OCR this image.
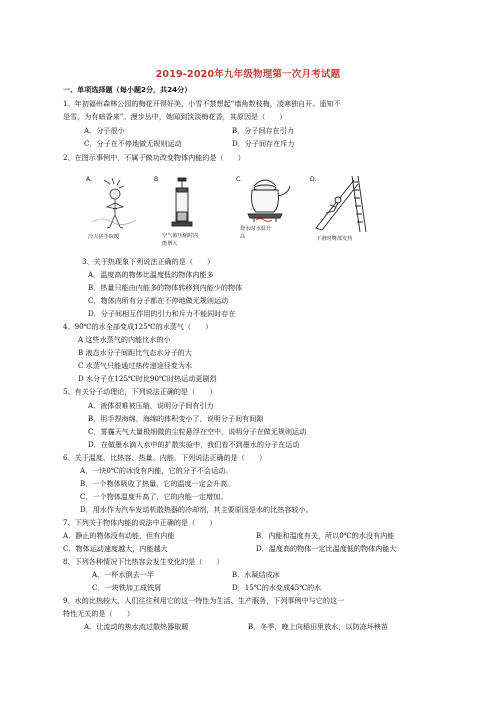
2019-2020年九年级物理第一次月考试题
一、单项选择题（每小题2分，共24分）
1、年初福州森林公园的梅花开得好美，小雪不禁想起“墙角数枝梅，凌寒独自开。遥知不
是雪，为有暗香来”。漫步丛中，她闻到淡淡梅花香，其原因是（　　）
A．分子很小	B．分子间存在引力
C．分子在不停地做无规则运动	D．分子间存在斥力
2、在图示事例中，不属于做功改变物体内能的是（　　）
A．
冷天搓手取暖
B．
空气被压缩时内
能增大
C．
烧水时水温升
高
D．
下滑时臀部发热
3、关于热现象下列说法正确的是（　　）
A．温度高的物体比温度低的物体内能多
B．热量只能由内能多的物体转移到内能少的物体
C．物体内所有分子都在不停地做无规则运动
D．分子间相互作用的引力和斥力不能同时存在
4、90℃的水全部变成125℃的水蒸气（　　）
A 这些水蒸气的内能比水的小
B 液态水分子间距比气态水分子的大
C 水蒸气只能通过热传递途径变为水
D 水分子在125℃时比90℃时热运动更剧烈
5、有关分子动理论，下列说法正确的是（　　）
A．液体很难被压缩，说明分子间有引力
B．用手捏海绵，海绵的体积变小了，说明分子间有间隙
C．雾霾天气大量极细微的尘粒悬浮在空中，说明分子在做无规则运动
D．在做墨水滴入水中的扩散实验中，我们看不到墨水的分子在运动
6、关于温度、比热容、热量、内能，下列说法正确的是（　　）
A．一块0℃的冰没有内能，它的分子不会运动。
B．一个物体吸收了热量，它的温度一定会升高。
C．一个物体温度升高了，它的内能一定增加。
D．用水作为汽车发动机散热器的冷却剂，其主要原因是水的比热容较小。
7、下列关于物体内能的说法中正确的是（　　）
A．静止的物体没有动能，但有内能	B．内能和温度有关，所以0℃的水没有内能
C．物体运动速度越大，内能越大	D．温度高的物体一定比温度低的物体内能大
8、下列各种情况下比热容会发生变化的是（　　）
A．一杯水倒去一半	B．水凝结成冰
C．一块铁加工成铁屑	D．15℃的水变成45℃的水
9、水的比热较大，人们往往利用它的这一特性为生活、生产服务，下列事例中与它的这一
特性无关的是（　　）
A．让流动的热水流过散热器取暖	B．冬季，晚上向稻田里放水，以防冻坏秧苗
